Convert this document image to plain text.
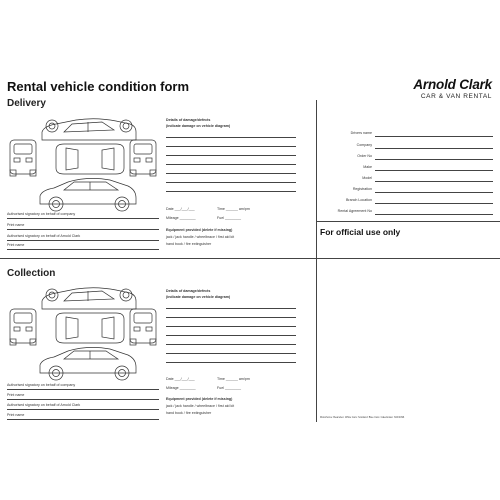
Rental vehicle condition form	Arnold Clark
CAR & VAN RENTAL
Delivery
Details of damage/defects
(indicate damage on vehicle diagram)
Date ___/___/___	Time ______ am/pm
Mileage ________	Fuel ________
Equipment provided (delete if missing)
jack / jack handle / wheelbrace / first aid kit
hand book / fire extinguisher
Authorised signatory on behalf of company
Print name
Authorised signatory on behalf of Arnold Clark
Print name
Collection
Details of damage/defects
(indicate damage on vehicle diagram)
Date ___/___/___	Time ______ am/pm
Mileage ________	Fuel ________
Equipment provided (delete if missing)
jack / jack handle / wheelbrace / first aid kit
hand book / fire extinguisher
Authorised signatory on behalf of company
Print name
Authorised signatory on behalf of Arnold Clark
Print name
Drivers name
Company
Order No
Make
Model
Registration
Branch Location
Rental Agreement No
For official use only
Motorhome: Bearsden: White Cars: Scotland: Blue Cars: Caledonian: NCF4096
